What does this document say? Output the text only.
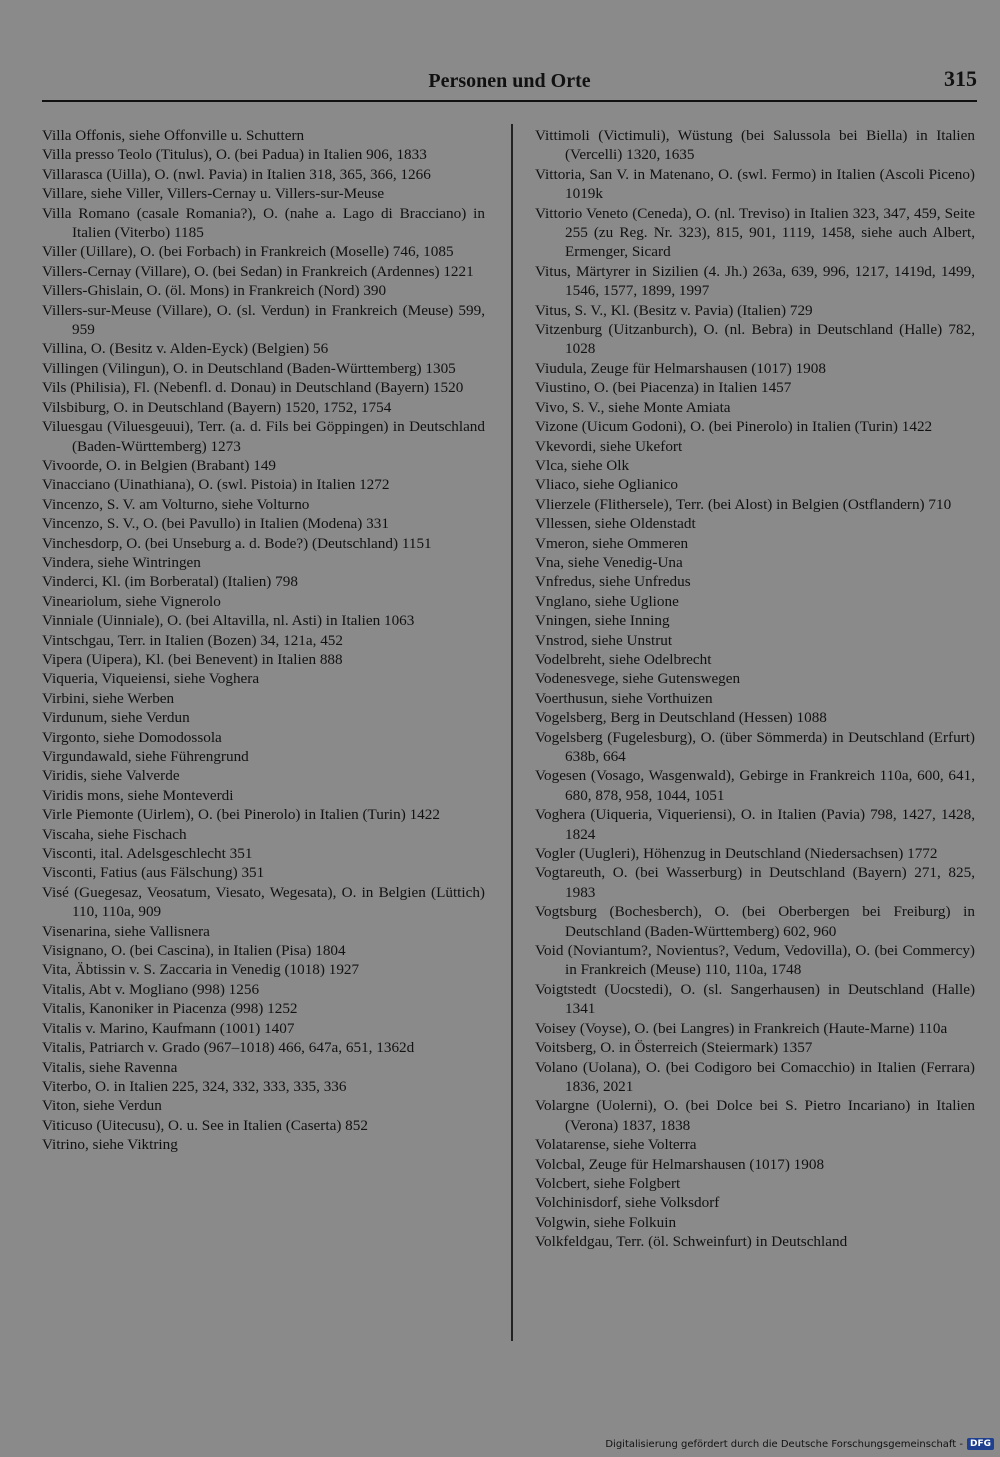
Personen und Orte	315

Villa Offonis, siehe Offonville u. Schuttern

Villa presso Teolo (Titulus), O. (bei Padua) in Italien 906, 1833

Villarasca (Uilla), O. (nwl. Pavia) in Italien 318, 365, 366, 1266

Villare, siehe Viller, Villers-Cernay u. Villers-sur-Meuse

Villa Romano (casale Romania?), O. (nahe a. Lago di Bracciano) in Italien (Viterbo) 1185

Viller (Uillare), O. (bei Forbach) in Frankreich (Moselle) 746, 1085

Villers-Cernay (Villare), O. (bei Sedan) in Frankreich (Ardennes) 1221

Villers-Ghislain, O. (öl. Mons) in Frankreich (Nord) 390

Villers-sur-Meuse (Villare), O. (sl. Verdun) in Frankreich (Meuse) 599, 959

Villina, O. (Besitz v. Alden-Eyck) (Belgien) 56

Villingen (Vilingun), O. in Deutschland (Baden-Württemberg) 1305

Vils (Philisia), Fl. (Nebenfl. d. Donau) in Deutschland (Bayern) 1520

Vilsbiburg, O. in Deutschland (Bayern) 1520, 1752, 1754

Viluesgau (Viluesgeuui), Terr. (a. d. Fils bei Göppingen) in Deutschland (Baden-Württemberg) 1273

Vivoorde, O. in Belgien (Brabant) 149

Vinacciano (Uinathiana), O. (swl. Pistoia) in Italien 1272

Vincenzo, S. V. am Volturno, siehe Volturno

Vincenzo, S. V., O. (bei Pavullo) in Italien (Modena) 331

Vinchesdorp, O. (bei Unseburg a. d. Bode?) (Deutschland) 1151

Vindera, siehe Wintringen

Vinderci, Kl. (im Borberatal) (Italien) 798

Vineariolum, siehe Vignerolo

Vinniale (Uinniale), O. (bei Altavilla, nl. Asti) in Italien 1063

Vintschgau, Terr. in Italien (Bozen) 34, 121a, 452

Vipera (Uipera), Kl. (bei Benevent) in Italien 888

Viqueria, Viqueiensi, siehe Voghera

Virbini, siehe Werben

Virdunum, siehe Verdun

Virgonto, siehe Domodossola

Virgundawald, siehe Führengrund

Viridis, siehe Valverde

Viridis mons, siehe Monteverdi

Virle Piemonte (Uirlem), O. (bei Pinerolo) in Italien (Turin) 1422

Viscaha, siehe Fischach

Visconti, ital. Adelsgeschlecht 351

Visconti, Fatius (aus Fälschung) 351

Visé (Guegesaz, Veosatum, Viesato, Wegesata), O. in Belgien (Lüttich) 110, 110a, 909

Visenarina, siehe Vallisnera

Visignano, O. (bei Cascina), in Italien (Pisa) 1804

Vita, Äbtissin v. S. Zaccaria in Venedig (1018) 1927

Vitalis, Abt v. Mogliano (998) 1256

Vitalis, Kanoniker in Piacenza (998) 1252

Vitalis v. Marino, Kaufmann (1001) 1407

Vitalis, Patriarch v. Grado (967–1018) 466, 647a, 651, 1362d

Vitalis, siehe Ravenna

Viterbo, O. in Italien 225, 324, 332, 333, 335, 336

Viton, siehe Verdun

Viticuso (Uitecusu), O. u. See in Italien (Caserta) 852

Vitrino, siehe Viktring

Vittimoli (Victimuli), Wüstung (bei Salussola bei Biella) in Italien (Vercelli) 1320, 1635

Vittoria, San V. in Matenano, O. (swl. Fermo) in Italien (Ascoli Piceno) 1019k

Vittorio Veneto (Ceneda), O. (nl. Treviso) in Italien 323, 347, 459, Seite 255 (zu Reg. Nr. 323), 815, 901, 1119, 1458, siehe auch Albert, Ermenger, Sicard

Vitus, Märtyrer in Sizilien (4. Jh.) 263a, 639, 996, 1217, 1419d, 1499, 1546, 1577, 1899, 1997

Vitus, S. V., Kl. (Besitz v. Pavia) (Italien) 729

Vitzenburg (Uitzanburch), O. (nl. Bebra) in Deutschland (Halle) 782, 1028

Viudula, Zeuge für Helmarshausen (1017) 1908

Viustino, O. (bei Piacenza) in Italien 1457

Vivo, S. V., siehe Monte Amiata

Vizone (Uicum Godoni), O. (bei Pinerolo) in Italien (Turin) 1422

Vkevordi, siehe Ukefort

Vlca, siehe Olk

Vliaco, siehe Oglianico

Vlierzele (Flithersele), Terr. (bei Alost) in Belgien (Ostflandern) 710

Vllessen, siehe Oldenstadt

Vmeron, siehe Ommeren

Vna, siehe Venedig-Una

Vnfredus, siehe Unfredus

Vnglano, siehe Uglione

Vningen, siehe Inning

Vnstrod, siehe Unstrut

Vodelbreht, siehe Odelbrecht

Vodenesvege, siehe Gutenswegen

Voerthusun, siehe Vorthuizen

Vogelsberg, Berg in Deutschland (Hessen) 1088

Vogelsberg (Fugelesburg), O. (über Sömmerda) in Deutschland (Erfurt) 638b, 664

Vogesen (Vosago, Wasgenwald), Gebirge in Frankreich 110a, 600, 641, 680, 878, 958, 1044, 1051

Voghera (Uiqueria, Viqueriensi), O. in Italien (Pavia) 798, 1427, 1428, 1824

Vogler (Uugleri), Höhenzug in Deutschland (Niedersachsen) 1772

Vogtareuth, O. (bei Wasserburg) in Deutschland (Bayern) 271, 825, 1983

Vogtsburg (Bochesberch), O. (bei Oberbergen bei Freiburg) in Deutschland (Baden-Württemberg) 602, 960

Void (Noviantum?, Novientus?, Vedum, Vedovilla), O. (bei Commercy) in Frankreich (Meuse) 110, 110a, 1748

Voigtstedt (Uocstedi), O. (sl. Sangerhausen) in Deutschland (Halle) 1341

Voisey (Voyse), O. (bei Langres) in Frankreich (Haute-Marne) 110a

Voitsberg, O. in Österreich (Steiermark) 1357

Volano (Uolana), O. (bei Codigoro bei Comacchio) in Italien (Ferrara) 1836, 2021

Volargne (Uolerni), O. (bei Dolce bei S. Pietro Incariano) in Italien (Verona) 1837, 1838

Volatarense, siehe Volterra

Volcbal, Zeuge für Helmarshausen (1017) 1908

Volcbert, siehe Folgbert

Volchinisdorf, siehe Volksdorf

Volgwin, siehe Folkuin

Volkfeldgau, Terr. (öl. Schweinfurt) in Deutschland

Digitalisierung gefördert durch die Deutsche Forschungsgemeinschaft - DFG
